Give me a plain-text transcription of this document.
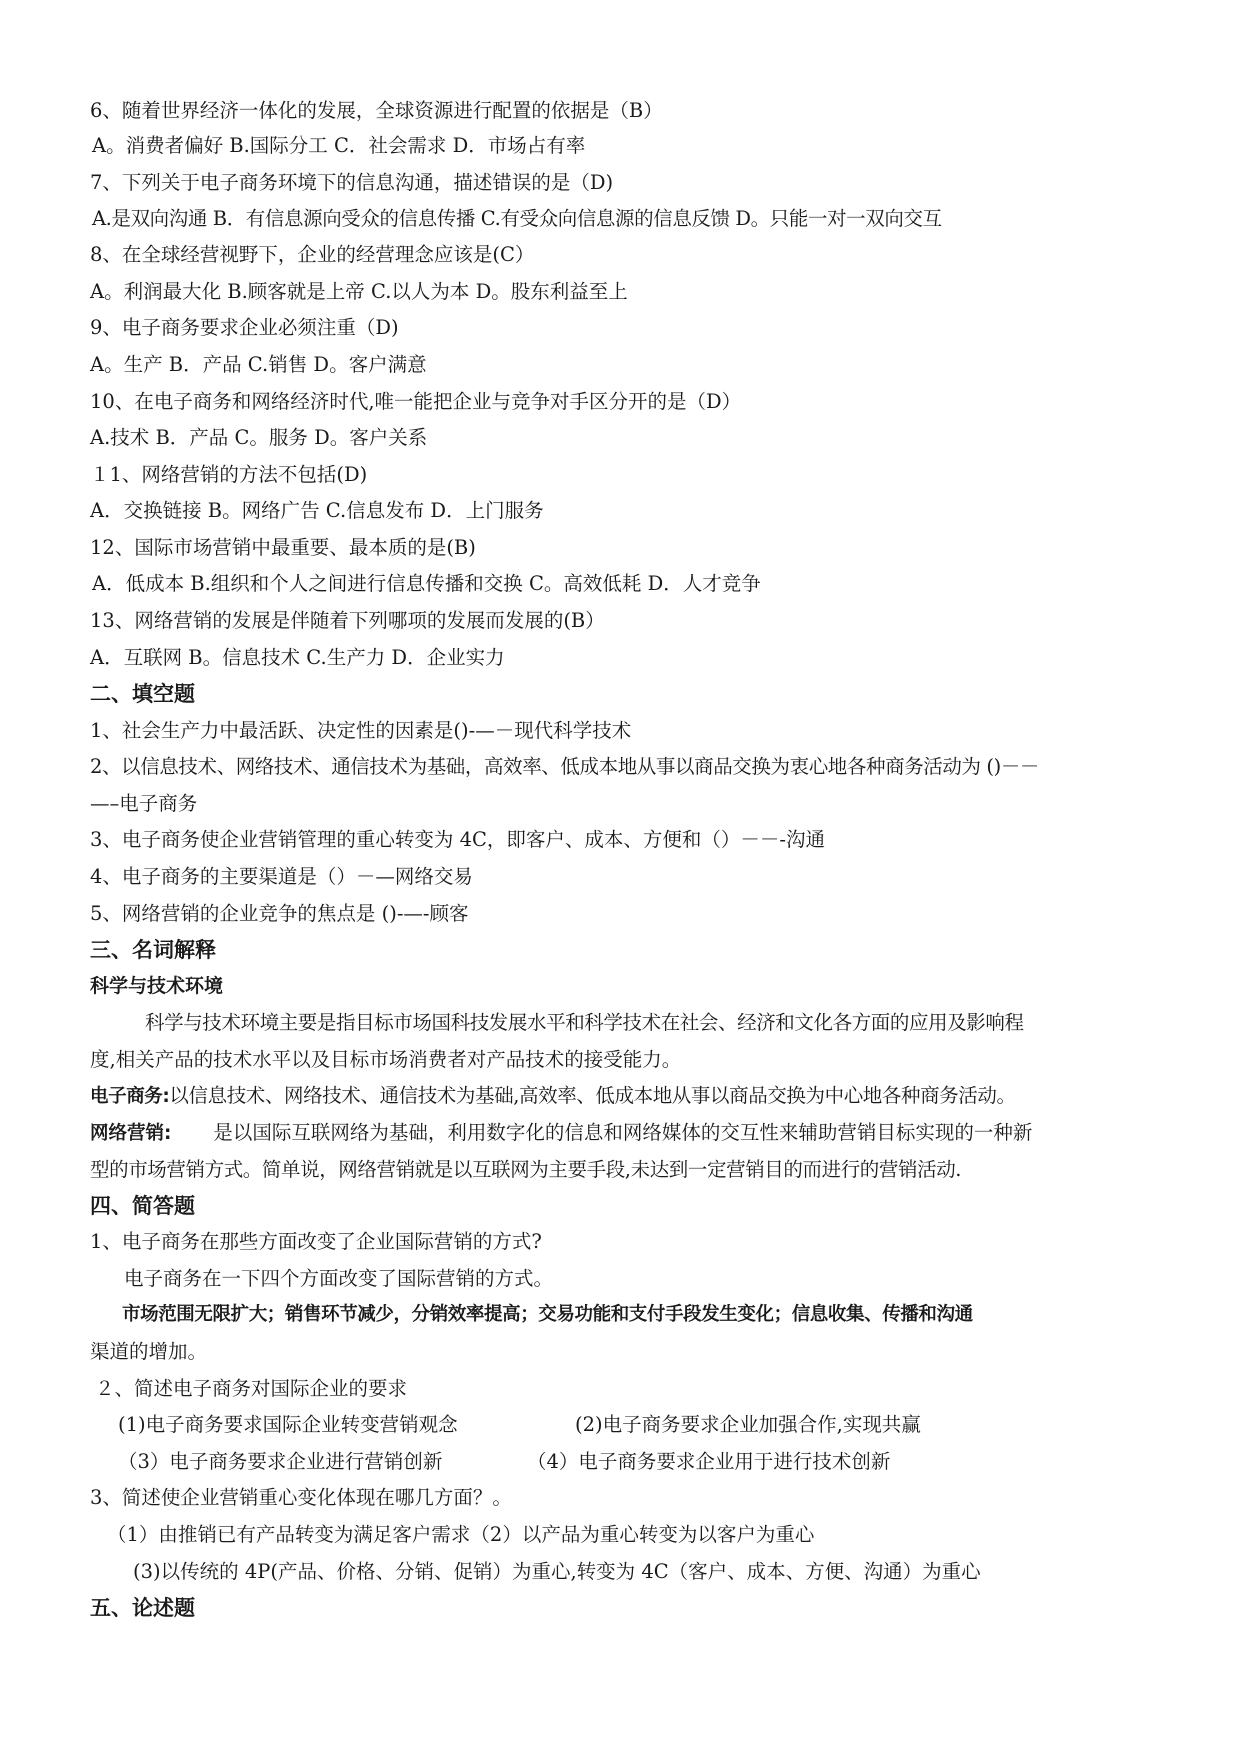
6、随着世界经济一体化的发展，全球资源进行配置的依据是（B）
A。消费者偏好 B.国际分工 C．社会需求 D．市场占有率
7、下列关于电子商务环境下的信息沟通，描述错误的是（D)
A.是双向沟通 B．有信息源向受众的信息传播 C.有受众向信息源的信息反馈 D。只能一对一双向交互
8、在全球经营视野下，企业的经营理念应该是(C）
A。利润最大化 B.顾客就是上帝 C.以人为本 D。股东利益至上
9、电子商务要求企业必须注重（D)
A。生产 B．产品 C.销售 D。客户满意
10、在电子商务和网络经济时代,唯一能把企业与竞争对手区分开的是（D）
A.技术 B．产品 C。服务 D。客户关系
１1、网络营销的方法不包括(D)
A．交换链接 B。网络广告 C.信息发布 D．上门服务
12、国际市场营销中最重要、最本质的是(B)
A．低成本 B.组织和个人之间进行信息传播和交换 C。高效低耗 D．人才竞争
13、网络营销的发展是伴随着下列哪项的发展而发展的(B）
A．互联网 B。信息技术 C.生产力 D．企业实力
二、填空题
1、社会生产力中最活跃、决定性的因素是()-—－现代科学技术
2、以信息技术、网络技术、通信技术为基础，高效率、低成本地从事以商品交换为衷心地各种商务活动为 ()－－
—–电子商务
3、电子商务使企业营销管理的重心转变为 4C，即客户、成本、方便和（）－－-沟通
4、电子商务的主要渠道是（）－—网络交易
5、网络营销的企业竞争的焦点是 ()-—-顾客
三、名词解释
科学与技术环境
科学与技术环境主要是指目标市场国科技发展水平和科学技术在社会、经济和文化各方面的应用及影响程
度,相关产品的技术水平以及目标市场消费者对产品技术的接受能力。
电子商务:以信息技术、网络技术、通信技术为基础,高效率、低成本地从事以商品交换为中心地各种商务活动。
网络营销: 是以国际互联网络为基础，利用数字化的信息和网络媒体的交互性来辅助营销目标实现的一种新
型的市场营销方式。简单说，网络营销就是以互联网为主要手段,未达到一定营销目的而进行的营销活动.
四、简答题
1、电子商务在那些方面改变了企业国际营销的方式?
电子商务在一下四个方面改变了国际营销的方式。
市场范围无限扩大；销售环节减少，分销效率提高；交易功能和支付手段发生变化；信息收集、传播和沟通
渠道的增加。
２、简述电子商务对国际企业的要求
(1)电子商务要求国际企业转变营销观念	(2)电子商务要求企业加强合作,实现共赢
（3）电子商务要求企业进行营销创新	（4）电子商务要求企业用于进行技术创新
3、简述使企业营销重心变化体现在哪几方面？。
（1）由推销已有产品转变为满足客户需求（2）以产品为重心转变为以客户为重心
(3)以传统的 4P(产品、价格、分销、促销）为重心,转变为 4C（客户、成本、方便、沟通）为重心
五、论述题
